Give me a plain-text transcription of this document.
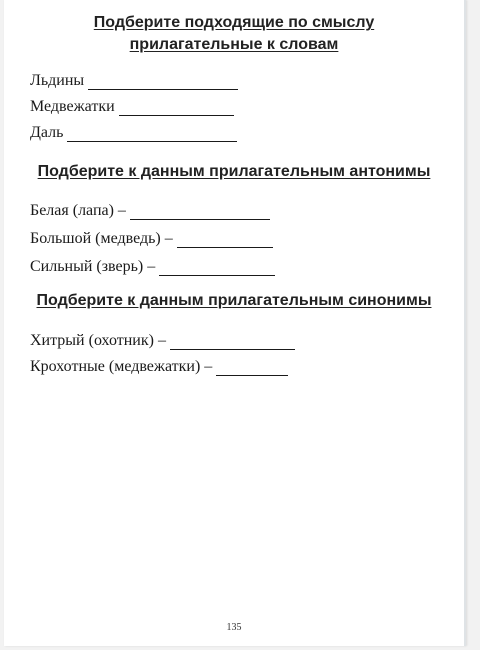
Подберите подходящие по смыслу
прилагательные к словам
Льдины
Медвежатки
Даль
Подберите к данным прилагательным антонимы
Белая (лапа) –
Большой (медведь) –
Сильный (зверь) –
Подберите к данным прилагательным синонимы
Хитрый (охотник) –
Крохотные (медвежатки) –
135
